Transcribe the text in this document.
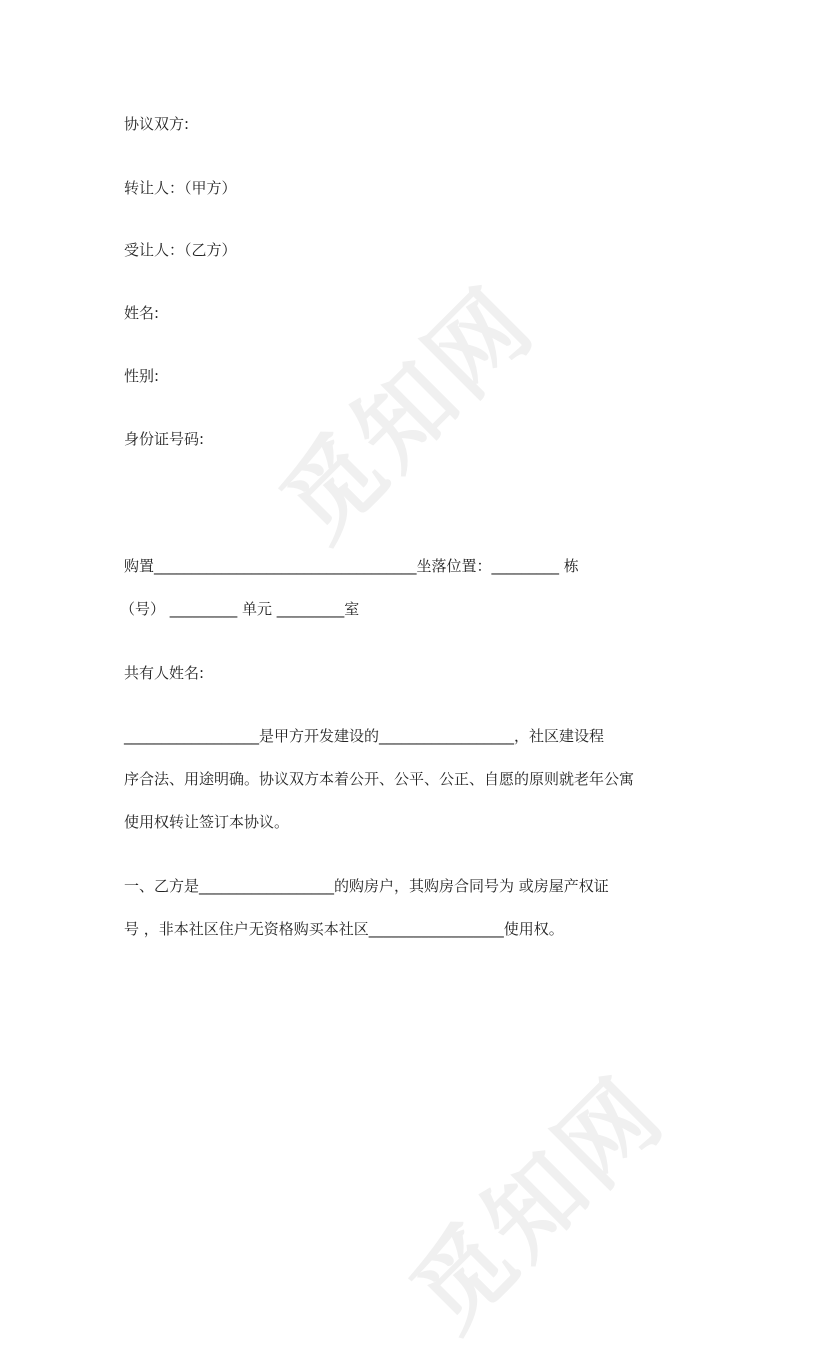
觅知网
觅知网
协议双方:
转让人：（甲方）
受让人：（乙方）
姓名:
性别:
身份证号码:
购置___________________________________坐落位置：_________ 栋
（号） _________ 单元 _________室
共有人姓名:
__________________是甲方开发建设的__________________，社区建设程
序合法、用途明确。协议双方本着公开、公平、公正、自愿的原则就老年公寓
使用权转让签订本协议。
一、乙方是__________________的购房户，其购房合同号为 或房屋产权证
号 ，非本社区住户无资格购买本社区__________________使用权。
